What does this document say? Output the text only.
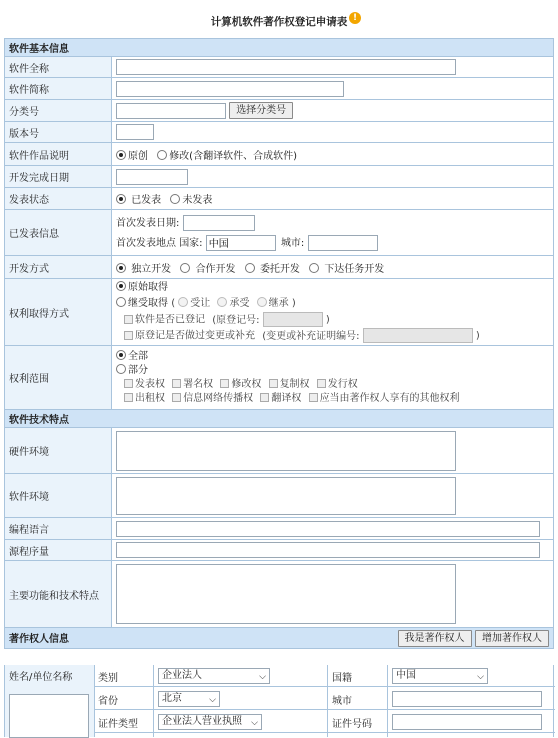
计算机软件著作权登记申请表 !
软件基本信息	
软件全称	
软件简称	
分类号	选择分类号
版本号	
软件作品说明	原创 修改(含翻译软件、合成软件)
开发完成日期	
发表状态	已发表 未发表
已发表信息	首次发表日期:
首次发表地点 国家: 中国 城市:

开发方式	独立开发 合作开发 委托开发 下达任务开发
权利取得方式	原始取得
继受取得 ( 受让 承受 继承 )
软件是否已登记 (原登记号: )
原登记是否做过变更或补充 (变更或补充证明编号: )

权利范围	全部
部分
发表权 署名权 修改权 复制权 发行权
出租权 信息网络传播权 翻译权 应当由著作权人享有的其他权利

软件技术特点	
硬件环境	

软件环境	

编程语言	
源程序量	
主要功能和技术特点	

著作权人信息 我是著作权人 增加著作权人	
姓名/单位名称	类别	企业法人	⌵	国籍	中国	⌵
省份	北京	⌵	城市
证件类型	企业法人营业执照 ⌵	证件号码
